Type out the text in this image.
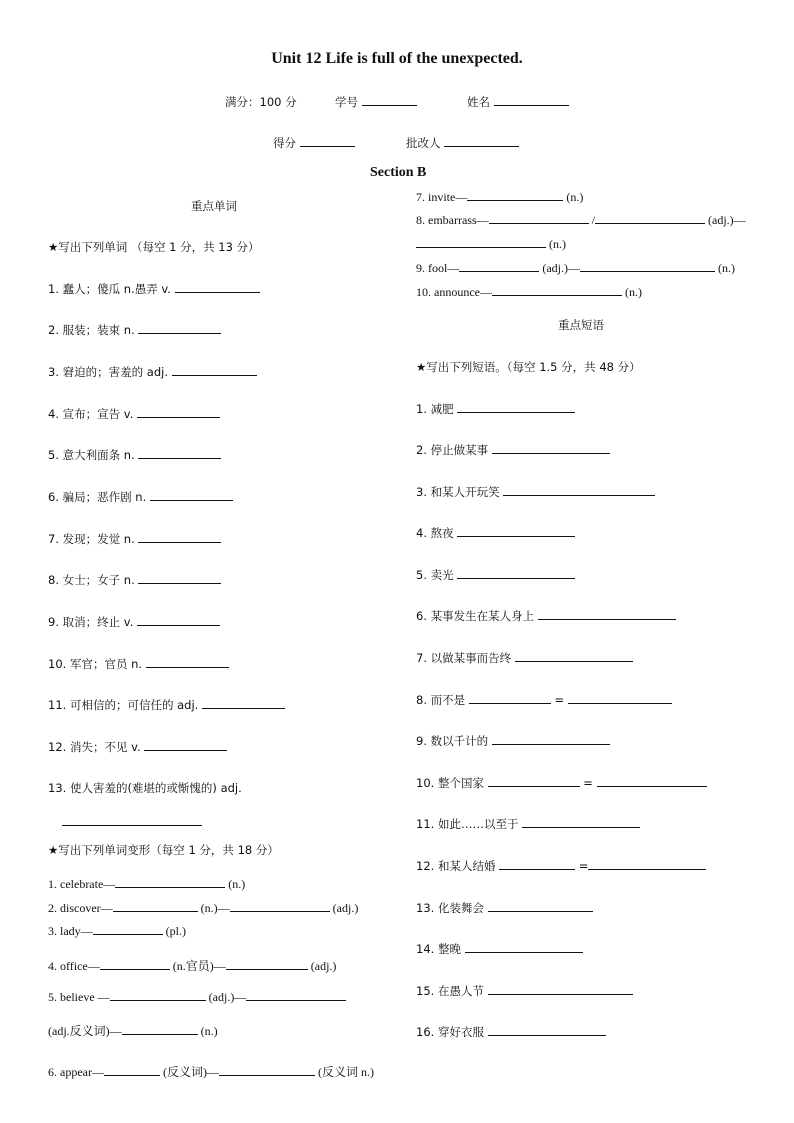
Unit 12 Life is full of the unexpected.
满分：100 分	学号	姓名
得分	批改人
Section B
重点单词
★写出下列单词 （每空 1 分，共 13 分）
1. 蠢人；傻瓜 n.愚弄 v.
2. 服装；装束 n.
3. 窘迫的；害羞的 adj.
4. 宣布；宣告 v.
5. 意大利面条 n.
6. 骗局；恶作剧 n.
7. 发现；发觉 n.
8. 女士；女子 n.
9. 取消；终止 v.
10. 军官；官员 n.
11. 可相信的；可信任的 adj.
12. 消失；不见 v.
13. 使人害羞的(难堪的或惭愧的) adj.
★写出下列单词变形（每空 1 分，共 18 分）
1. celebrate—	(n.)
2. discover—	(n.)—	(adj.)
3. lady—	(pl.)
4. office—	(n.官员)—	(adj.)
5. believe —	(adj.)—
(adj.反义词)—	(n.)
6. appear—	(反义词)—	(反义词 n.)
7. invite—	(n.)
8. embarrass—	/	(adj.)—
(n.)
9. fool—	(adj.)—	(n.)
10. announce—	(n.)
重点短语
★写出下列短语。（每空 1.5 分，共 48 分）
1. 减肥
2. 停止做某事
3. 和某人开玩笑
4. 熬夜
5. 卖光
6. 某事发生在某人身上
7. 以做某事而告终
8. 而不是	=
9. 数以千计的
10. 整个国家	=
11. 如此……以至于
12. 和某人结婚	=
13. 化装舞会
14. 整晚
15. 在愚人节
16. 穿好衣服
